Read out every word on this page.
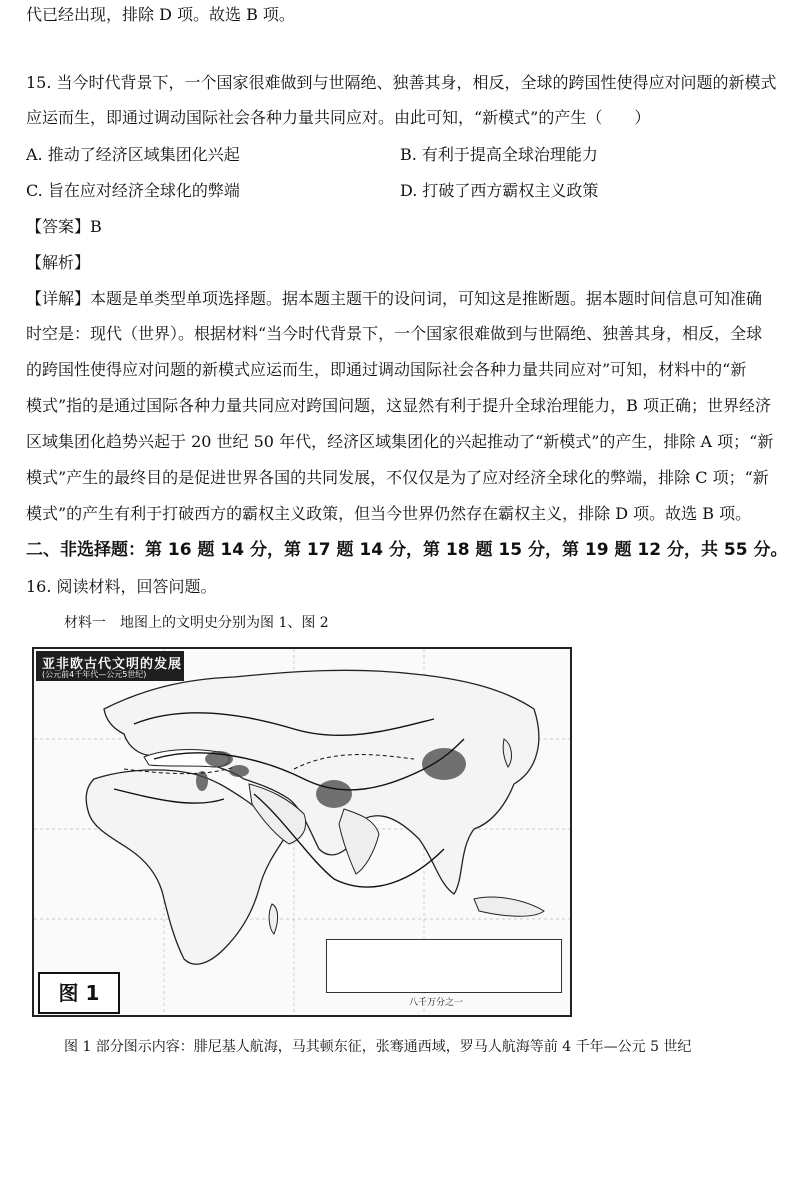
代已经出现，排除 D 项。故选 B 项。
15. 当今时代背景下，一个国家很难做到与世隔绝、独善其身，相反，全球的跨国性使得应对问题的新模式
应运而生，即通过调动国际社会各种力量共同应对。由此可知，“新模式”的产生（　　）
A. 推动了经济区域集团化兴起	B. 有利于提高全球治理能力
C. 旨在应对经济全球化的弊端	D. 打破了西方霸权主义政策
【答案】B
【解析】
【详解】本题是单类型单项选择题。据本题主题干的设问词，可知这是推断题。据本题时间信息可知准确
时空是：现代（世界）。根据材料“当今时代背景下，一个国家很难做到与世隔绝、独善其身，相反，全球
的跨国性使得应对问题的新模式应运而生，即通过调动国际社会各种力量共同应对”可知，材料中的“新
模式”指的是通过国际各种力量共同应对跨国问题，这显然有利于提升全球治理能力，B 项正确；世界经济
区域集团化趋势兴起于 20 世纪 50 年代，经济区域集团化的兴起推动了“新模式”的产生，排除 A 项；“新
模式”产生的最终目的是促进世界各国的共同发展，不仅仅是为了应对经济全球化的弊端，排除 C 项；“新
模式”的产生有利于打破西方的霸权主义政策，但当今世界仍然存在霸权主义，排除 D 项。故选 B 项。
二、非选择题：第 16 题 14 分，第 17 题 14 分，第 18 题 15 分，第 19 题 12 分，共 55 分。
16. 阅读材料，回答问题。
材料一　地图上的文明史分别为图 1、图 2
亚非欧古代文明的发展
(公元前4千年代—公元5世纪)
图 1	八千万分之一
图 1 部分图示内容：腓尼基人航海，马其顿东征，张骞通西域，罗马人航海等前 4 千年—公元 5 世纪
